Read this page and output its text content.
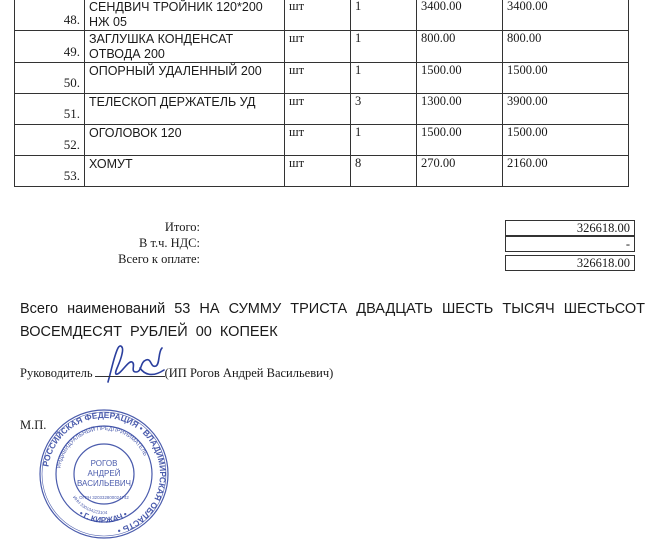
48.	СЕНДВИЧ ТРОЙНИК 120*200 НЖ 05	шт	1	3400.00	3400.00
49.	ЗАГЛУШКА КОНДЕНСАТ ОТВОДА 200	шт	1	800.00	800.00
50.	ОПОРНЫЙ УДАЛЕННЫЙ 200	шт	1	1500.00	1500.00
51.	ТЕЛЕСКОП ДЕРЖАТЕЛЬ УД	шт	3	1300.00	3900.00
52.	ОГОЛОВОК 120	шт	1	1500.00	1500.00
53.	ХОМУТ	шт	8	270.00	2160.00
Итого:	326618.00
В т.ч. НДС:	-
Всего к оплате:	326618.00
Всего наименований 53 НА СУММУ ТРИСТА ДВАДЦАТЬ ШЕСТЬ ТЫСЯЧ ШЕСТЬСОТ ВОСЕМДЕСЯТ РУБЛЕЙ 00 КОПЕЕК
Руководитель	(ИП Рогов Андрей Васильевич)
М.П.
РОССИЙСКАЯ ФЕДЕРАЦИЯ • ВЛАДИМИРСКАЯ ОБЛАСТЬ •
ИНДИВИДУАЛЬНЫЙ ПРЕДПРИНИМАТЕЛЬ
ИНН 330104223104
• Г. КИРЖАЧ •
РОГОВ
АНДРЕЙ
ВАСИЛЬЕВИЧ
ОГРН 320332800024742
